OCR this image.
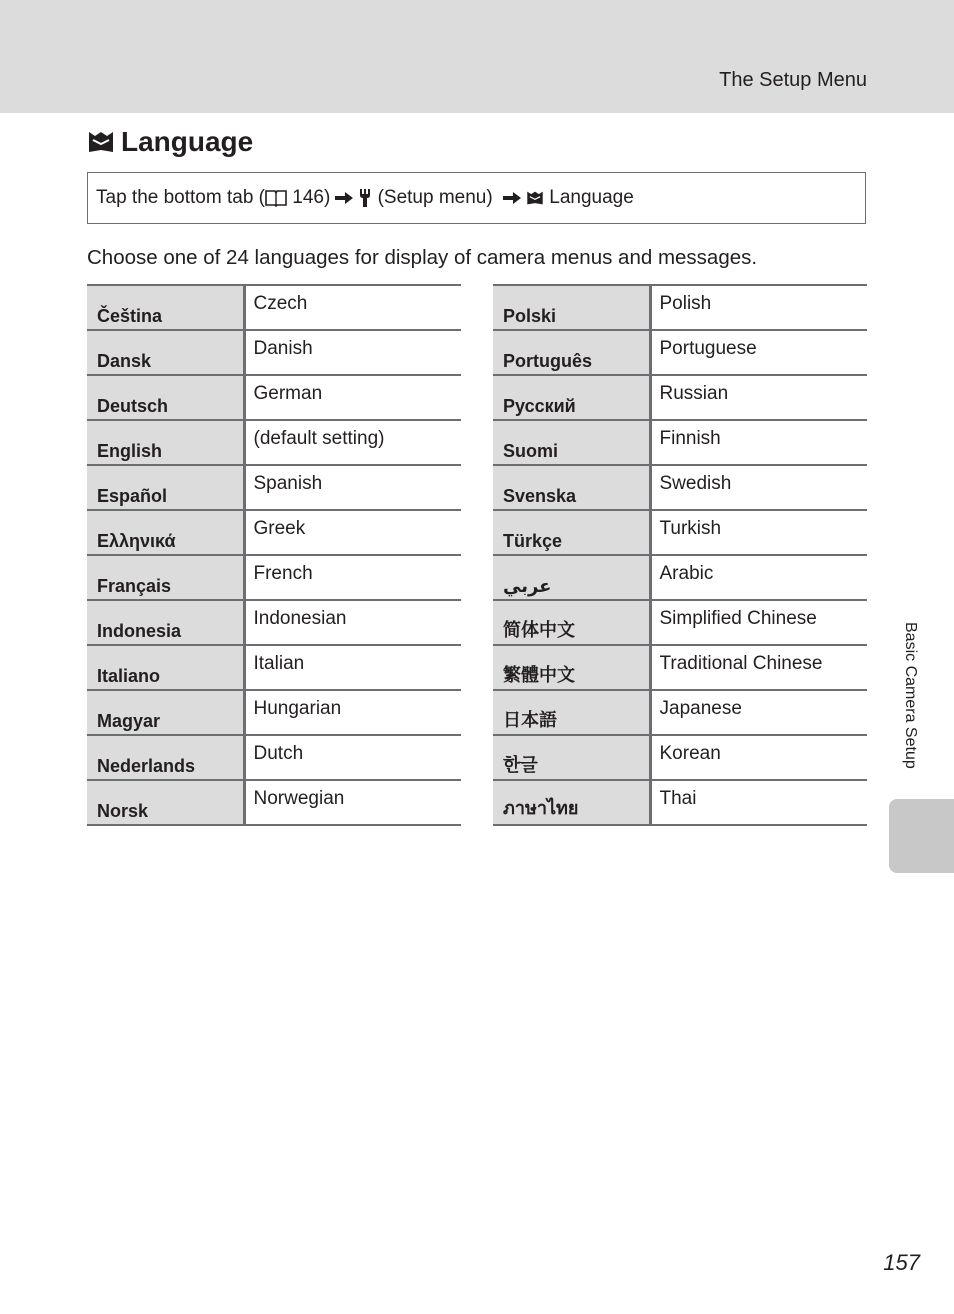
The Setup Menu
Language
Tap the bottom tab ( 146) (Setup menu) Language
Choose one of 24 languages for display of camera menus and messages.
Čeština	Czech
Dansk	Danish
Deutsch	German
English	(default setting)
Español	Spanish
Ελληνικά	Greek
Français	French
Indonesia	Indonesian
Italiano	Italian
Magyar	Hungarian
Nederlands	Dutch
Norsk	Norwegian
Polski	Polish
Português	Portuguese
Русский	Russian
Suomi	Finnish
Svenska	Swedish
Türkçe	Turkish
عربي	Arabic
简体中文	Simplified Chinese
繁體中文	Traditional Chinese
日本語	Japanese
한글	Korean
ภาษาไทย	Thai
Basic Camera Setup
157
